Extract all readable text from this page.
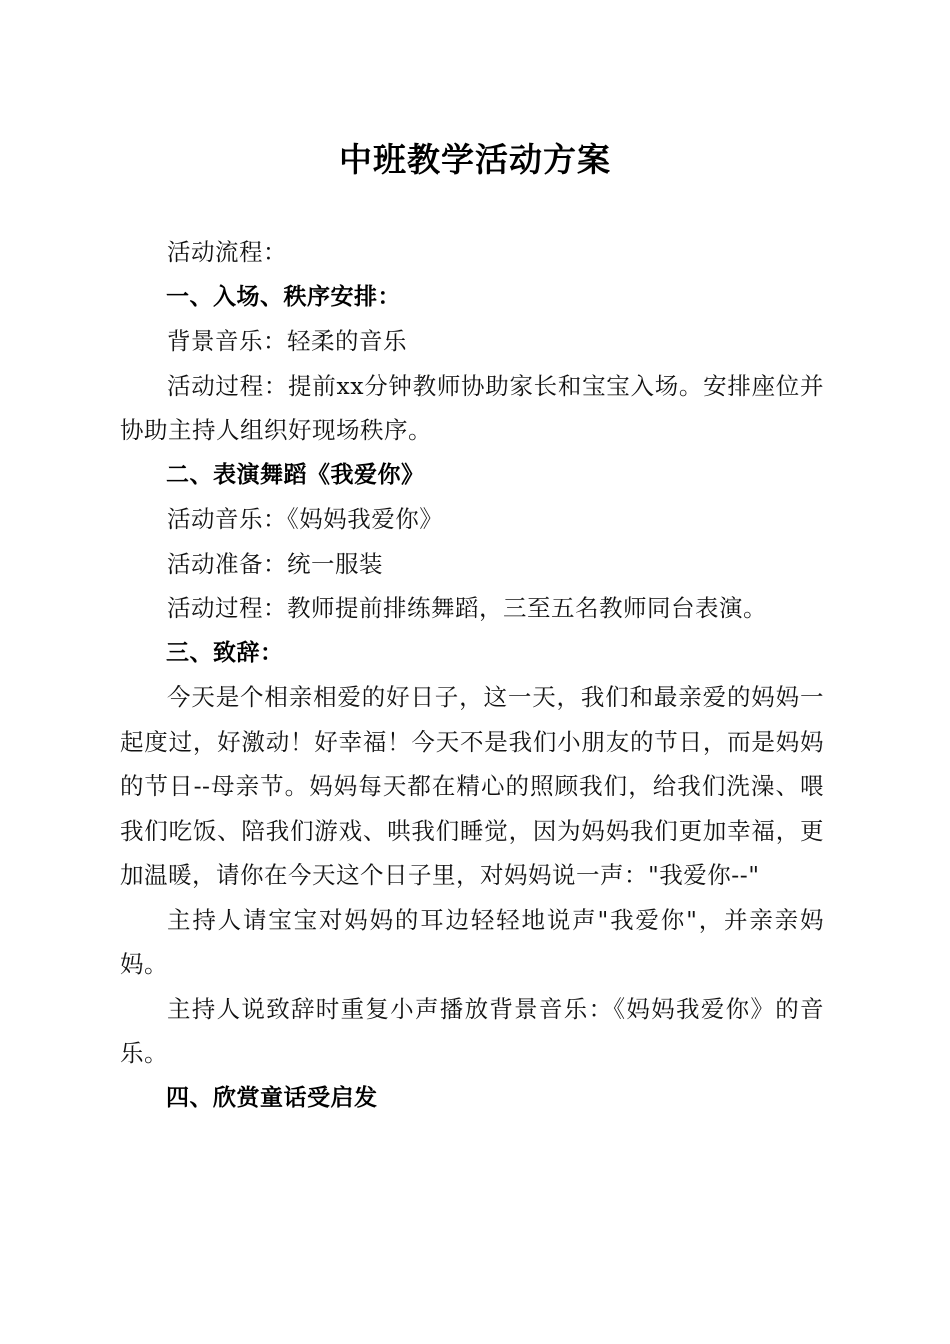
中班教学活动方案

活动流程：

一、入场、秩序安排：

背景音乐：轻柔的音乐

活动过程：提前xx分钟教师协助家长和宝宝入场。安排座位并协助主持人组织好现场秩序。

二、表演舞蹈《我爱你》

活动音乐：《妈妈我爱你》

活动准备：统一服装

活动过程：教师提前排练舞蹈，三至五名教师同台表演。

三、致辞：

今天是个相亲相爱的好日子，这一天，我们和最亲爱的妈妈一起度过，好激动！好幸福！今天不是我们小朋友的节日，而是妈妈的节日--母亲节。妈妈每天都在精心的照顾我们，给我们洗澡、喂我们吃饭、陪我们游戏、哄我们睡觉，因为妈妈我们更加幸福，更加温暖，请你在今天这个日子里，对妈妈说一声："我爱你--"

主持人请宝宝对妈妈的耳边轻轻地说声"我爱你"，并亲亲妈妈。

主持人说致辞时重复小声播放背景音乐：《妈妈我爱你》的音乐。

四、欣赏童话受启发
